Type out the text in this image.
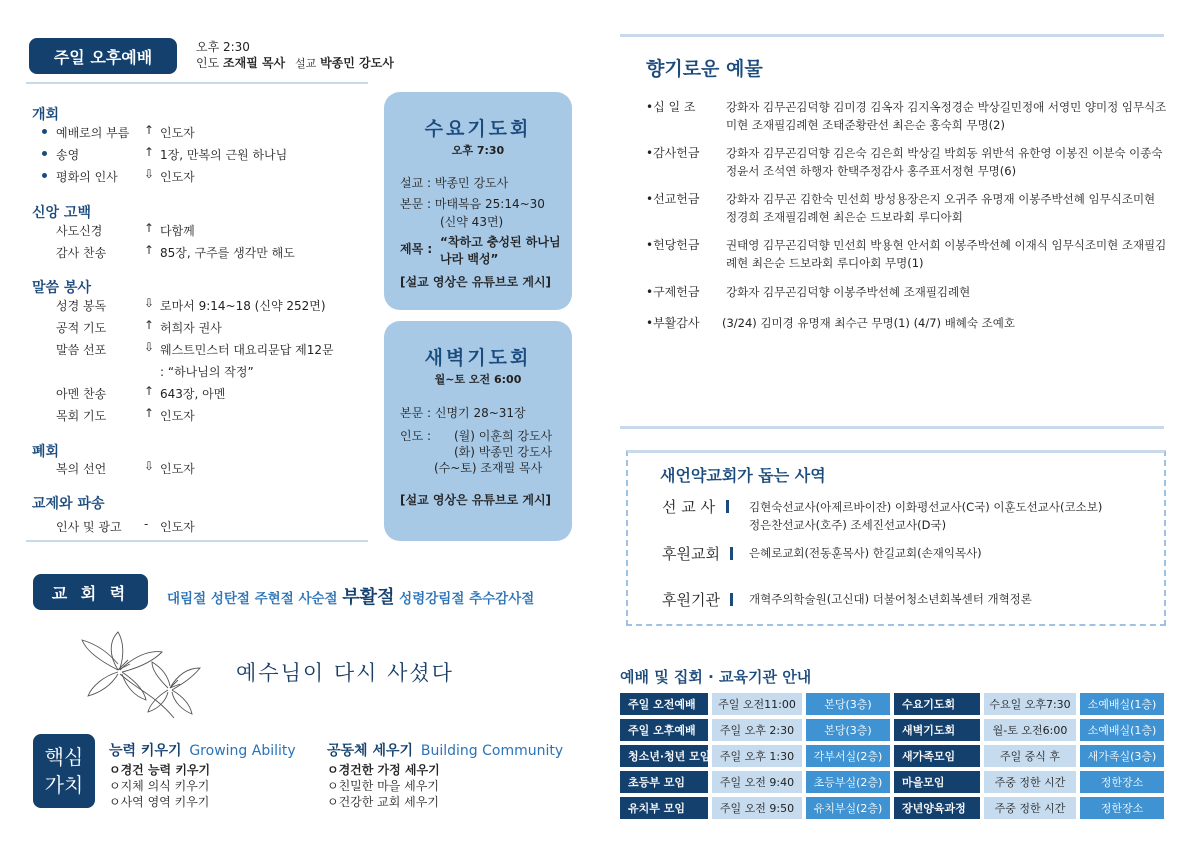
주일 오후예배
오후 2:30
인도 조재필 목사 설교 박종민 강도사
개회
예배로의 부름 ↑ 인도자
송영	↑ 1장, 만복의 근원 하나님
평화의 인사 ⇩ 인도자
신앙 고백
사도신경	↑ 다함께
감사 찬송	↑ 85장, 구주를 생각만 해도
말씀 봉사
성경 봉독	⇩ 로마서 9:14~18 (신약 252면)
공적 기도	↑ 허희자 권사
말씀 선포	⇩ 웨스트민스터 대요리문답 제12문
: “하나님의 작정”
아멘 찬송	↑ 643장, 아멘
목회 기도	↑ 인도자
폐회
복의 선언	⇩ 인도자
교제와 파송
인사 및 광고 - 인도자
수요기도회
오후 7:30
설교 : 박종민 강도사
본문 : 마태복음 25:14~30
(신약 43면)
제목 : “착하고 충성된 하나님
나라 백성”
[설교 영상은 유튜브로 게시]
새벽기도회
월~토 오전 6:00
본문 : 신명기 28~31장
인도 : (월) 이훈희 강도사
(화) 박종민 강도사
(수~토) 조재필 목사
[설교 영상은 유튜브로 게시]
교 회 력	대림절 성탄절 주현절 사순절 부활절 성령강림절 추수감사절
예수님이 다시 사셨다
핵심
가치
능력 키우기 Growing Ability
ㅇ경건 능력 키우기
ㅇ지체 의식 키우기
ㅇ사역 영역 키우기
공동체 세우기 Building Community
ㅇ경건한 가정 세우기
ㅇ친밀한 마을 세우기
ㅇ건강한 교회 세우기
향기로운 예물
•십 일 조	강화자 김무곤김덕향 김미경 김옥자 김지옥정경순 박상길민정애 서영민 양미정 임무식조미현 조재필김례현 조태준황란선 최은순 홍숙희 무명(2)
•감사헌금 강화자 김무곤김덕향 김은숙 김은희 박상길 박희동 위반석 유한영 이봉진 이분숙 이종숙 정윤서 조석연 하행자 한택주정감사 홍주표서정현 무명(6)
•선교헌금 강화자 김무곤 김한숙 민선희 방성용장은지 오귀주 유명재 이봉주박선혜 임무식조미현 정경희 조재필김례현 최은순 드보라회 루디아회
•헌당헌금 권태영 김무곤김덕향 민선희 박용현 안서희 이봉주박선혜 이재식 임무식조미현 조재필김례현 최은순 드보라회 루디아회 무명(1)
•구제헌금 강화자 김무곤김덕향 이봉주박선혜 조재필김례현
•부활감사 (3/24) 김미경 유명재 최수근 무명(1) (4/7) 배혜숙 조예호
새언약교회가 돕는 사역
선 교 사	김현숙선교사(아제르바이잔) 이화평선교사(C국) 이훈도선교사(코소보)
정은찬선교사(호주) 조세진선교사(D국)
후원교회	은혜로교회(전동훈목사) 한길교회(손재익목사)
후원기관	개혁주의학술원(고신대) 더불어청소년회복센터 개혁정론
예배 및 집회 · 교육기관 안내
주일 오전예배	주일 오전11:00	본당(3층)	수요기도회	수요일 오후7:30	소예배실(1층)
주일 오후예배	주일 오후 2:30	본당(3층)	새벽기도회	월-토 오전6:00	소예배실(1층)
청소년·청년 모임 주일 오후 1:30	각부서실(2층)	새가족모임	주일 중식 후	새가족실(3층)
초등부 모임	주일 오전 9:40	초등부실(2층)	마을모임	주중 정한 시간	정한장소
유치부 모임	주일 오전 9:50	유치부실(2층)	장년양육과정	주중 정한 시간	정한장소
